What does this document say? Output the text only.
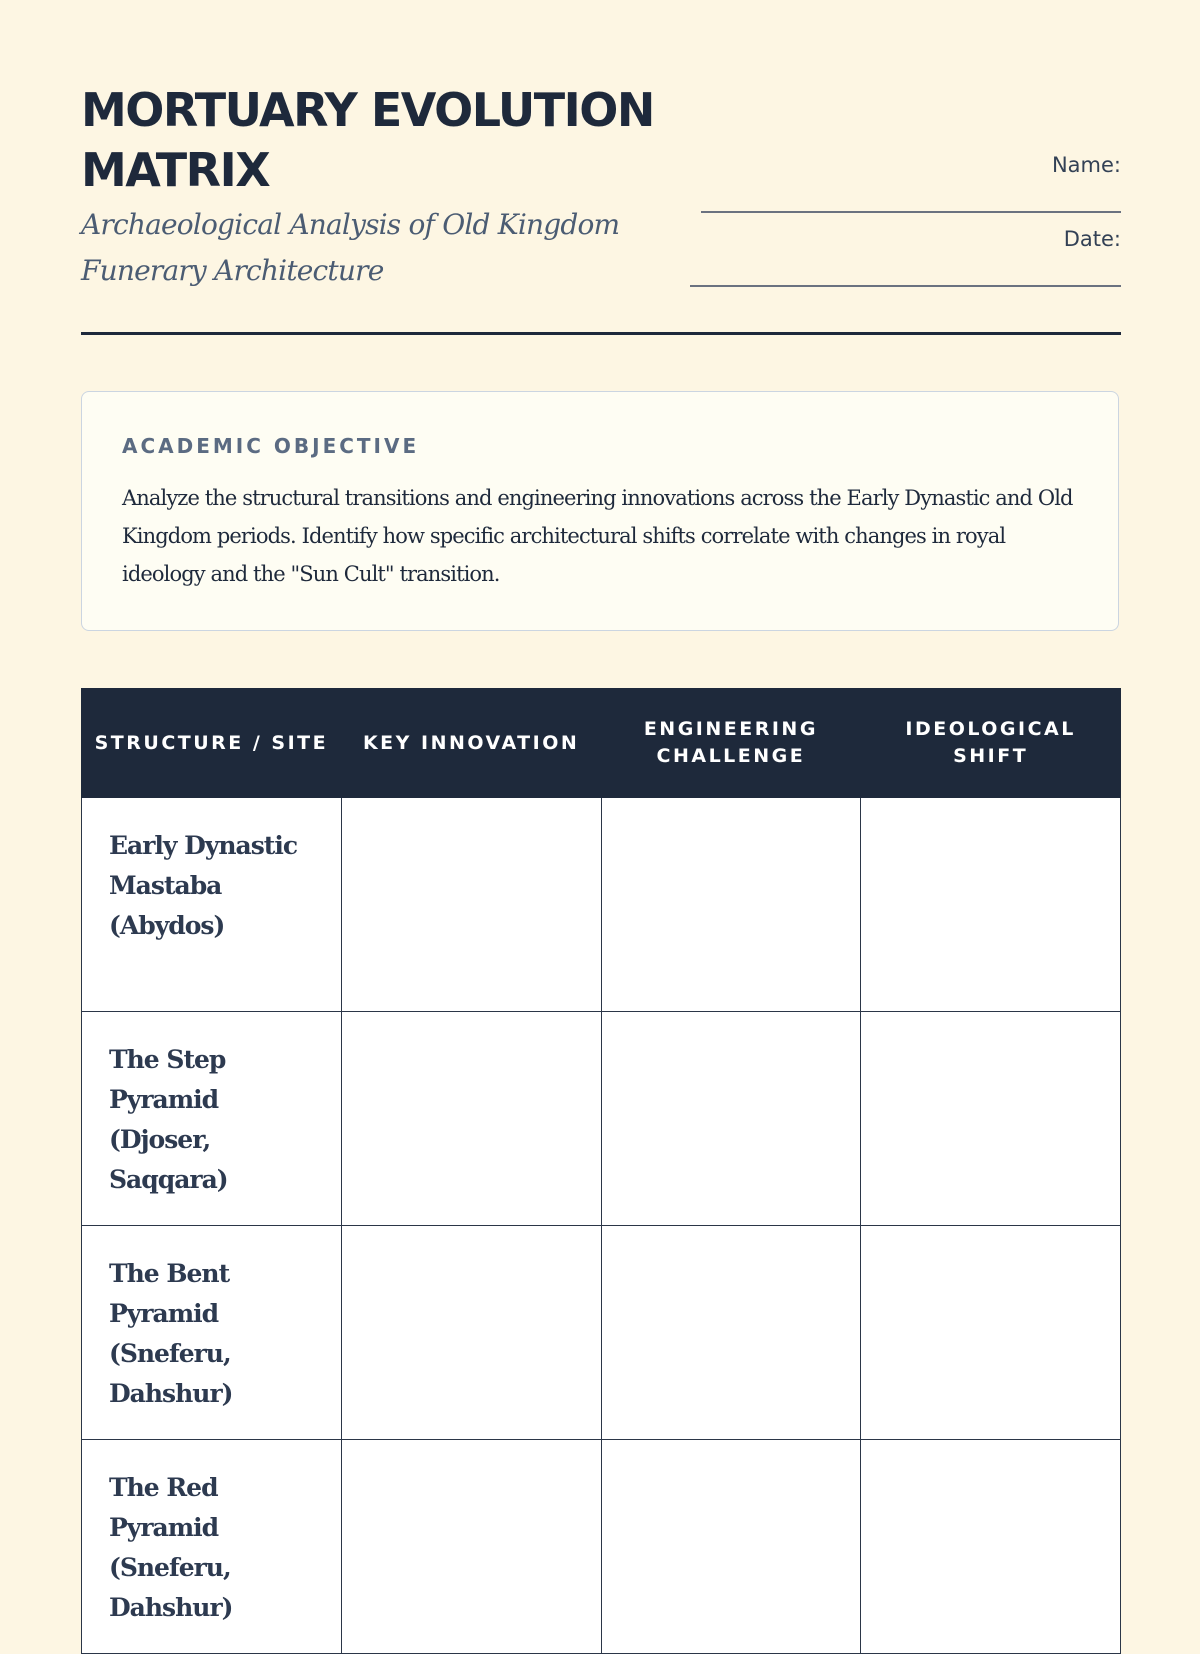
MORTUARY EVOLUTION MATRIX

Archaeological Analysis of Old Kingdom Funerary Architecture

Name:
Date:
ACADEMIC OBJECTIVE

Analyze the structural transitions and engineering innovations across the Early Dynastic and Old Kingdom periods. Identify how specific architectural shifts correlate with changes in royal ideology and the "Sun Cult" transition.

STRUCTURE / SITE	KEY INNOVATION	ENGINEERING CHALLENGE	IDEOLOGICAL SHIFT

Early Dynastic Mastaba (Abydos)			

The Step Pyramid (Djoser, Saqqara)			

The Bent Pyramid (Sneferu, Dahshur)			

The Red Pyramid (Sneferu, Dahshur)			
